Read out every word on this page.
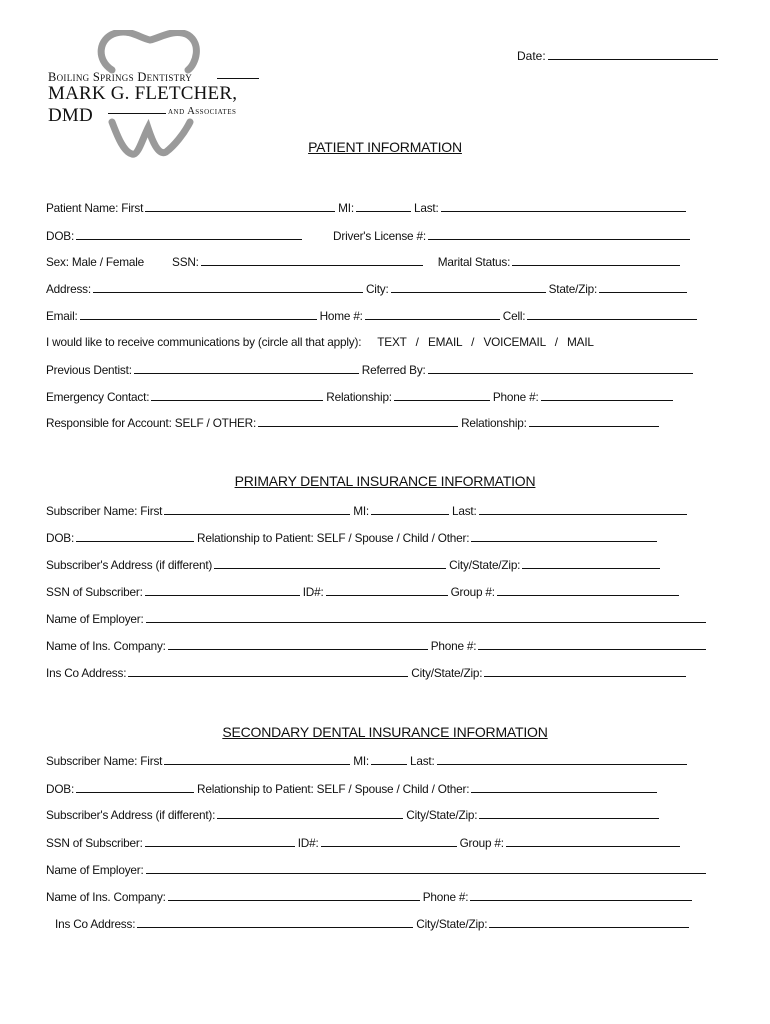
Boiling Springs Dentistry
MARK G. FLETCHER, DMD	and Associates
Date:
PATIENT INFORMATION
Patient Name: First	MI:	Last:
DOB:	Driver's License #:
Sex: Male / Female SSN:	Marital Status:
Address:	City:	State/Zip:
Email:	Home #:	Cell:
I would like to receive communications by (circle all that apply): TEXT   /   EMAIL   /   VOICEMAIL   /   MAIL
Previous Dentist:	Referred By:
Emergency Contact:	Relationship:	Phone #:
Responsible for Account: SELF / OTHER:	Relationship:
PRIMARY DENTAL INSURANCE INFORMATION
Subscriber Name: First	MI:	Last:
DOB:	Relationship to Patient: SELF / Spouse / Child / Other:
Subscriber's Address (if different)	City/State/Zip:
SSN of Subscriber:	ID#:	Group #:
Name of Employer:
Name of Ins. Company:	Phone #:
Ins Co Address:	City/State/Zip:
SECONDARY DENTAL INSURANCE INFORMATION
Subscriber Name: First	MI:	Last:
DOB:	Relationship to Patient: SELF / Spouse / Child / Other:
Subscriber's Address (if different):	City/State/Zip:
SSN of Subscriber:	ID#:	Group #:
Name of Employer:
Name of Ins. Company:	Phone #:
Ins Co Address:	City/State/Zip:
